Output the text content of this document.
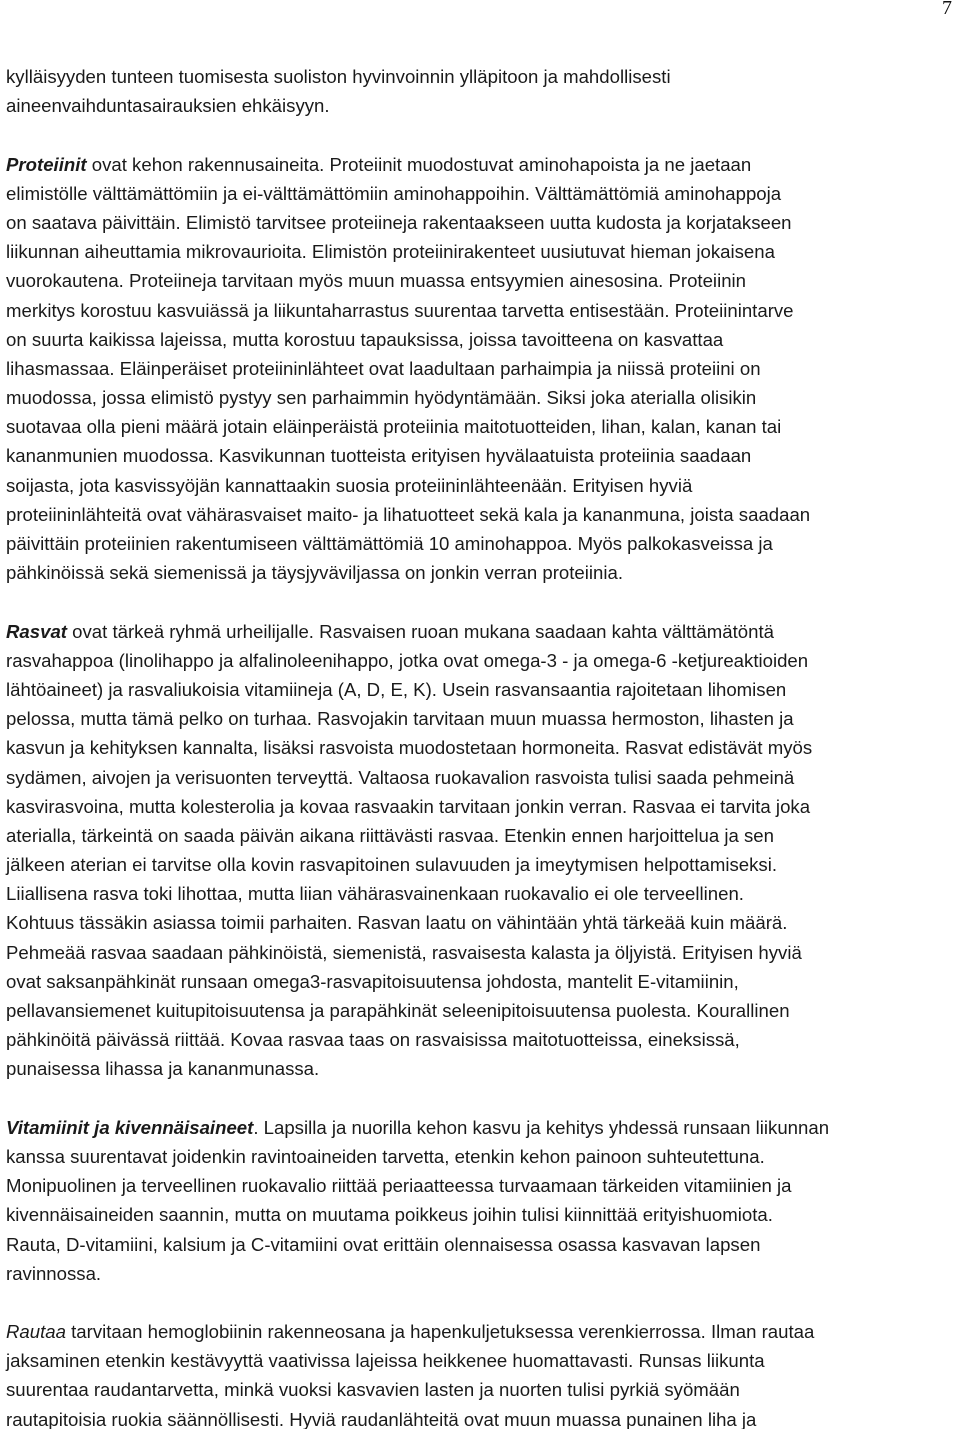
7

kylläisyyden tunteen tuomisesta suoliston hyvinvoinnin ylläpitoon ja mahdollisesti
aineenvaihduntasairauksien ehkäisyyn.

Proteiinit ovat kehon rakennusaineita. Proteiinit muodostuvat aminohapoista ja ne jaetaan
elimistölle välttämättömiin ja ei-välttämättömiin aminohappoihin. Välttämättömiä aminohappoja
on saatava päivittäin. Elimistö tarvitsee proteiineja rakentaakseen uutta kudosta ja korjatakseen
liikunnan aiheuttamia mikrovaurioita. Elimistön proteiinirakenteet uusiutuvat hieman jokaisena
vuorokautena. Proteiineja tarvitaan myös muun muassa entsyymien ainesosina. Proteiinin
merkitys korostuu kasvuiässä ja liikuntaharrastus suurentaa tarvetta entisestään. Proteiinintarve
on suurta kaikissa lajeissa, mutta korostuu tapauksissa, joissa tavoitteena on kasvattaa
lihasmassaa. Eläinperäiset proteiininlähteet ovat laadultaan parhaimpia ja niissä proteiini on
muodossa, jossa elimistö pystyy sen parhaimmin hyödyntämään. Siksi joka aterialla olisikin
suotavaa olla pieni määrä jotain eläinperäistä proteiinia maitotuotteiden, lihan, kalan, kanan tai
kananmunien muodossa. Kasvikunnan tuotteista erityisen hyvälaatuista proteiinia saadaan
soijasta, jota kasvissyöjän kannattaakin suosia proteiininlähteenään. Erityisen hyviä
proteiininlähteitä ovat vähärasvaiset maito- ja lihatuotteet sekä kala ja kananmuna, joista saadaan
päivittäin proteiinien rakentumiseen välttämättömiä 10 aminohappoa. Myös palkokasveissa ja
pähkinöissä sekä siemenissä ja täysjyväviljassa on jonkin verran proteiinia.

Rasvat ovat tärkeä ryhmä urheilijalle. Rasvaisen ruoan mukana saadaan kahta välttämätöntä
rasvahappoa (linolihappo ja alfalinoleenihappo, jotka ovat omega-3 - ja omega-6 -ketjureaktioiden
lähtöaineet) ja rasvaliukoisia vitamiineja (A, D, E, K). Usein rasvansaantia rajoitetaan lihomisen
pelossa, mutta tämä pelko on turhaa. Rasvojakin tarvitaan muun muassa hermoston, lihasten ja
kasvun ja kehityksen kannalta, lisäksi rasvoista muodostetaan hormoneita. Rasvat edistävät myös
sydämen, aivojen ja verisuonten terveyttä. Valtaosa ruokavalion rasvoista tulisi saada pehmeinä
kasvirasvoina, mutta kolesterolia ja kovaa rasvaakin tarvitaan jonkin verran. Rasvaa ei tarvita joka
aterialla, tärkeintä on saada päivän aikana riittävästi rasvaa. Etenkin ennen harjoittelua ja sen
jälkeen aterian ei tarvitse olla kovin rasvapitoinen sulavuuden ja imeytymisen helpottamiseksi.
Liiallisena rasva toki lihottaa, mutta liian vähärasvainenkaan ruokavalio ei ole terveellinen.
Kohtuus tässäkin asiassa toimii parhaiten. Rasvan laatu on vähintään yhtä tärkeää kuin määrä.
Pehmeää rasvaa saadaan pähkinöistä, siemenistä, rasvaisesta kalasta ja öljyistä. Erityisen hyviä
ovat saksanpähkinät runsaan omega3-rasvapitoisuutensa johdosta, mantelit E-vitamiinin,
pellavansiemenet kuitupitoisuutensa ja parapähkinät seleenipitoisuutensa puolesta. Kourallinen
pähkinöitä päivässä riittää. Kovaa rasvaa taas on rasvaisissa maitotuotteissa, eineksissä,
punaisessa lihassa ja kananmunassa.

Vitamiinit ja kivennäisaineet. Lapsilla ja nuorilla kehon kasvu ja kehitys yhdessä runsaan liikunnan
kanssa suurentavat joidenkin ravintoaineiden tarvetta, etenkin kehon painoon suhteutettuna.
Monipuolinen ja terveellinen ruokavalio riittää periaatteessa turvaamaan tärkeiden vitamiinien ja
kivennäisaineiden saannin, mutta on muutama poikkeus joihin tulisi kiinnittää erityishuomiota.
Rauta, D-vitamiini, kalsium ja C-vitamiini ovat erittäin olennaisessa osassa kasvavan lapsen
ravinnossa.

Rautaa tarvitaan hemoglobiinin rakenneosana ja hapenkuljetuksessa verenkierrossa. Ilman rautaa
jaksaminen etenkin kestävyyttä vaativissa lajeissa heikkenee huomattavasti. Runsas liikunta
suurentaa raudantarvetta, minkä vuoksi kasvavien lasten ja nuorten tulisi pyrkiä syömään
rautapitoisia ruokia säännöllisesti. Hyviä raudanlähteitä ovat muun muassa punainen liha ja
